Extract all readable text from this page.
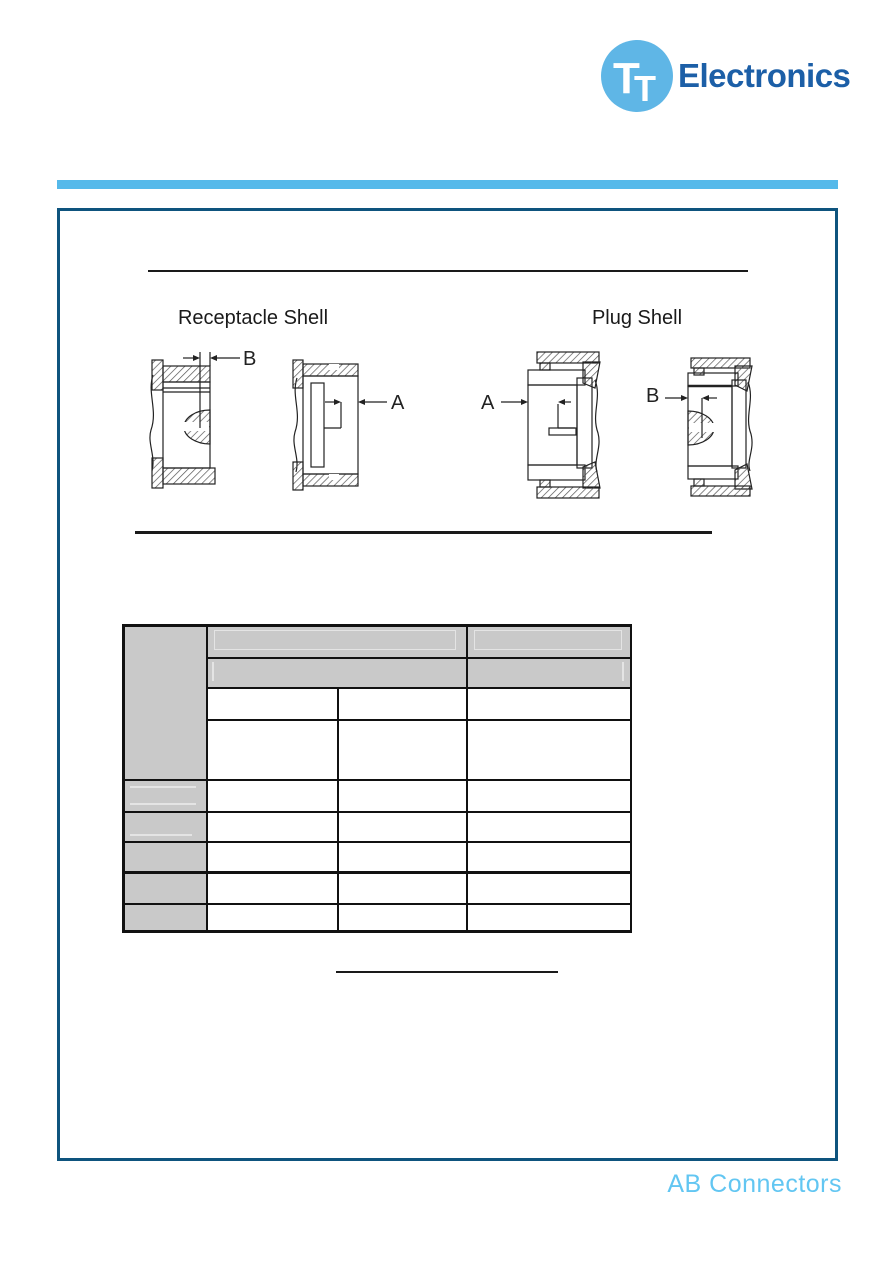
T
T Electronics
Receptacle Shell	Plug Shell
B
A	A	B
AB Connectors
